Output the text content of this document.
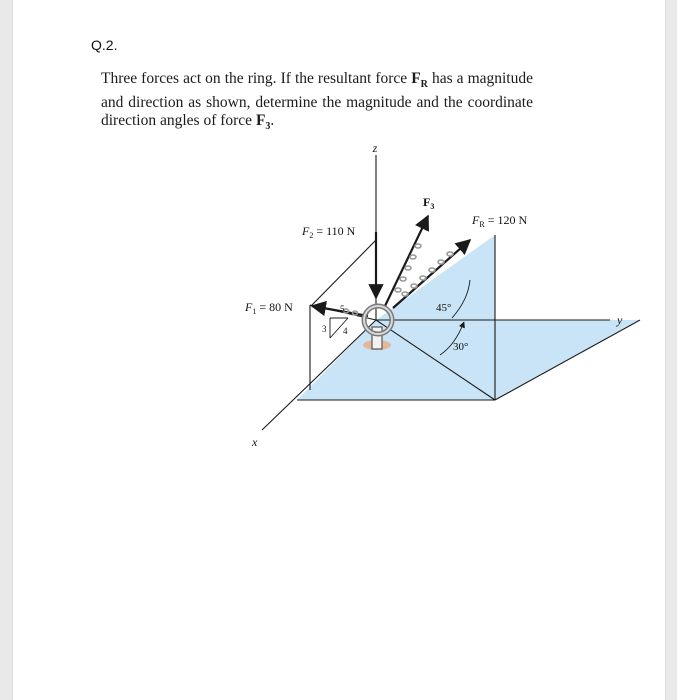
Q.2.
Three forces act on the ring. If the resultant force $F_R$ has a magnitude and direction as shown, determine the magnitude and the coordinate direction angles of force $F_3$.
z
x
y
$F_1 = 80$ N
$F_2 = 110$ N
$F_3$
$F_R = 120$ N
45°
30°
5
3 4
